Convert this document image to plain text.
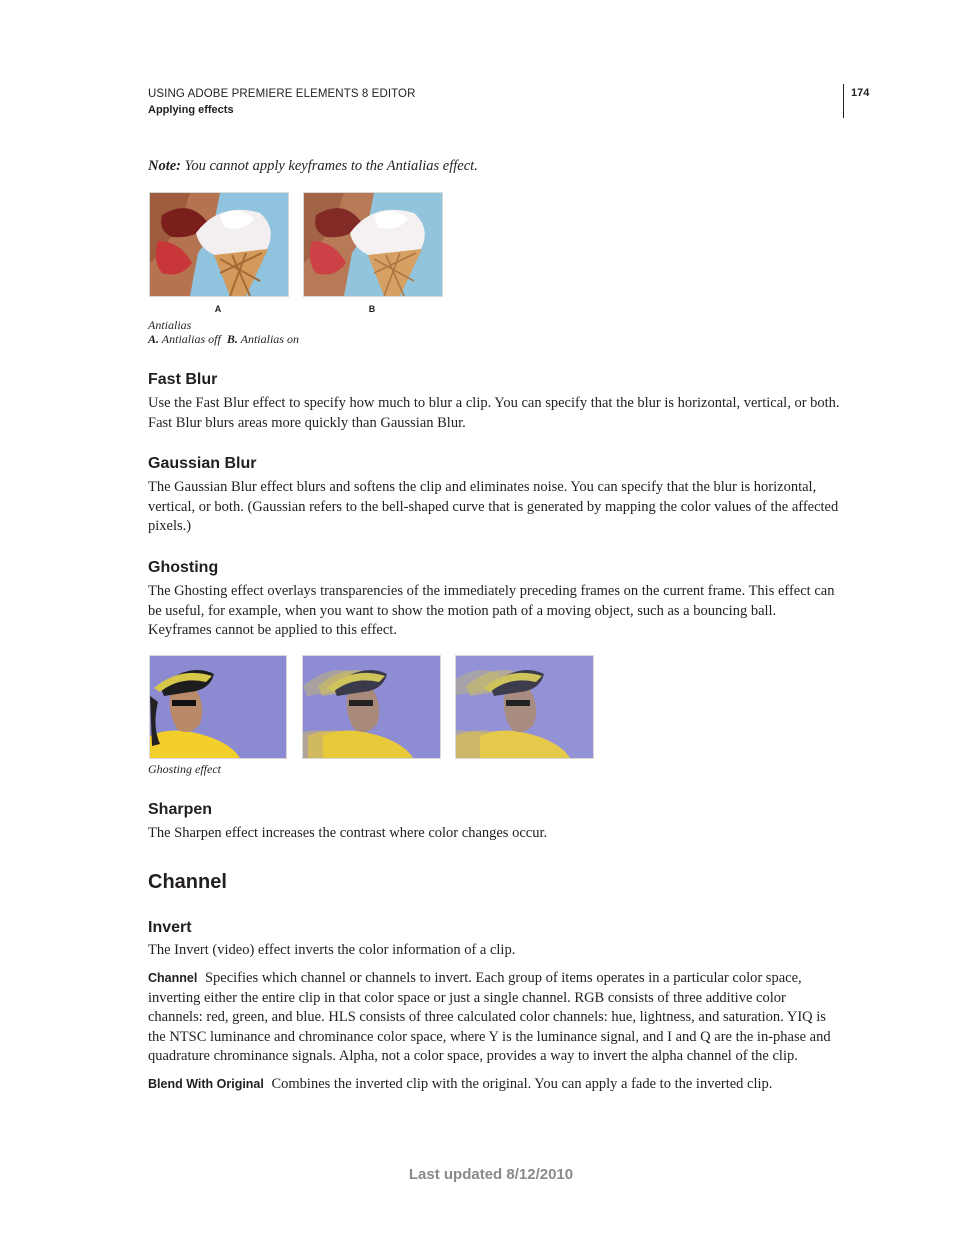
USING ADOBE PREMIERE ELEMENTS 8 EDITOR
Applying effects
174
Note: You cannot apply keyframes to the Antialias effect.
A	B
Antialias
A. Antialias off B. Antialias on
Fast Blur
Use the Fast Blur effect to specify how much to blur a clip. You can specify that the blur is horizontal, vertical, or both. Fast Blur blurs areas more quickly than Gaussian Blur.
Gaussian Blur
The Gaussian Blur effect blurs and softens the clip and eliminates noise. You can specify that the blur is horizontal, vertical, or both. (Gaussian refers to the bell-shaped curve that is generated by mapping the color values of the affected pixels.)
Ghosting
The Ghosting effect overlays transparencies of the immediately preceding frames on the current frame. This effect can be useful, for example, when you want to show the motion path of a moving object, such as a bouncing ball. Keyframes cannot be applied to this effect.
Ghosting effect
Sharpen
The Sharpen effect increases the contrast where color changes occur.
Channel
Invert
The Invert (video) effect inverts the color information of a clip.
Channel Specifies which channel or channels to invert. Each group of items operates in a particular color space, inverting either the entire clip in that color space or just a single channel. RGB consists of three additive color channels: red, green, and blue. HLS consists of three calculated color channels: hue, lightness, and saturation. YIQ is the NTSC luminance and chrominance color space, where Y is the luminance signal, and I and Q are the in-phase and quadrature chrominance signals. Alpha, not a color space, provides a way to invert the alpha channel of the clip.
Blend With Original Combines the inverted clip with the original. You can apply a fade to the inverted clip.
Last updated 8/12/2010
